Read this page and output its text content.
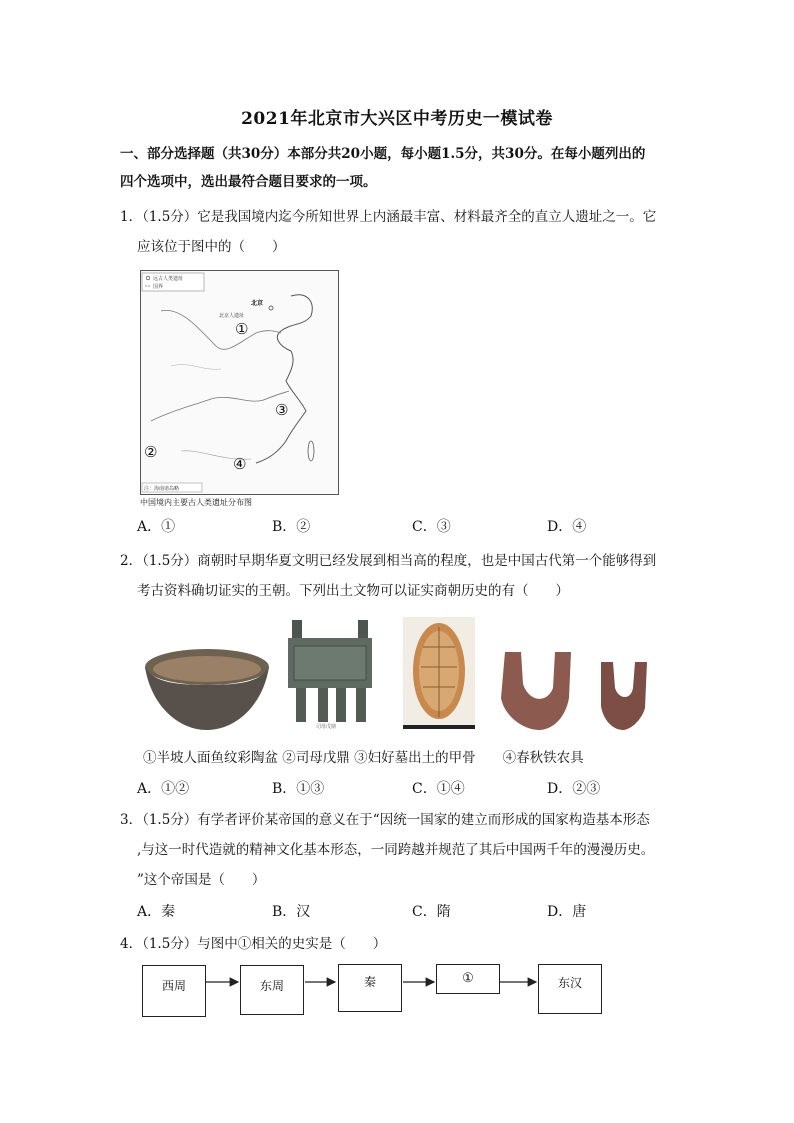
2021年北京市大兴区中考历史一模试卷
一、部分选择题（共30分）本部分共20小题，每小题1.5分，共30分。在每小题列出的
四个选项中，选出最符合题目要求的一项。
1．（1.5分）它是我国境内迄今所知世界上内涵最丰富、材料最齐全的直立人遗址之一。它
应该位于图中的（　　）
远古人类遗址
国界
北京
北京人遗址
注：海南诸岛略
①
③
②
④
中国境内主要古人类遗址分布图
A．①	B．②	C．③	D．④
2．（1.5分）商朝时早期华夏文明已经发展到相当高的程度，也是中国古代第一个能够得到
考古资料确切证实的王朝。下列出土文物可以证实商朝历史的有（　　）
司母戊鼎
①半坡人面鱼纹彩陶盆 ②司母戊鼎 ③妇好墓出土的甲骨　　④春秋铁农具
A．①②	B．①③	C．①④	D．②③
3．（1.5分）有学者评价某帝国的意义在于“因统一国家的建立而形成的国家构造基本形态
,与这一时代造就的精神文化基本形态，一同跨越并规范了其后中国两千年的漫漫历史。
”这个帝国是（　　）
A．秦	B．汉	C．隋	D．唐
4．（1.5分）与图中①相关的史实是（　　）
西周	东周	秦	①	东汉
